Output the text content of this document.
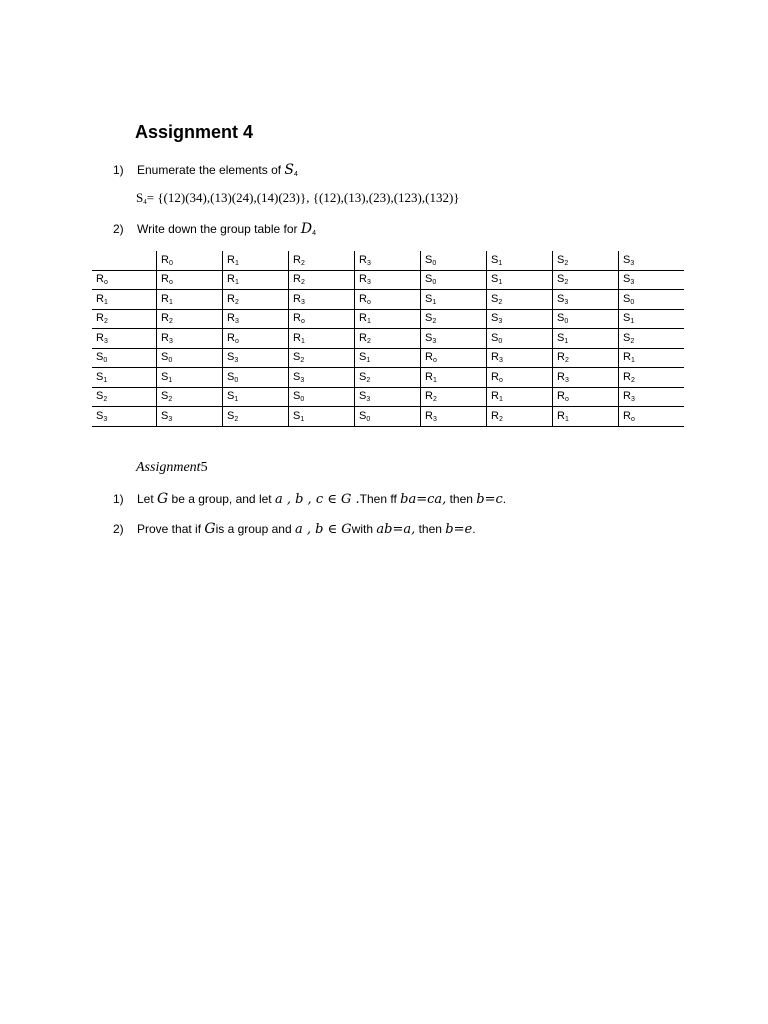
Assignment 4
1) Enumerate the elements of $S_4$
$S_4= \{(12)(34),(13)(24),(14)(23)\}$, {(12),(13),(23),(123),(132)}
2) Write down the group table for $D_4$
	$R_0$	$R_1$	$R_2$	$R_3$	$S_0$	$S_1$	$S_2$	$S_3$
$R_o$	$R_o$	$R_1$	$R_2$	$R_3$	$S_0$	$S_1$	$S_2$	$S_3$
$R_1$	$R_1$	$R_2$	$R_3$	$R_o$	$S_1$	$S_2$	$S_3$	$S_0$
$R_2$	$R_2$	$R_3$	$R_o$	$R_1$	$S_2$	$S_3$	$S_0$	$S_1$
$R_3$	$R_3$	$R_o$	$R_1$	$R_2$	$S_3$	$S_0$	$S_1$	$S_2$
$S_0$	$S_0$	$S_3$	$S_2$	$S_1$	$R_o$	$R_3$	$R_2$	$R_1$
$S_1$	$S_1$	$S_0$	$S_3$	$S_2$	$R_1$	$R_o$	$R_3$	$R_2$
$S_2$	$S_2$	$S_1$	$S_0$	$S_3$	$R_2$	$R_1$	$R_o$	$R_3$
$S_3$	$S_3$	$S_2$	$S_1$	$S_0$	$R_3$	$R_2$	$R_1$	$R_o$
Assignment5
1) Let G be a group, and let a , b , c ∈ G .Then ff ba=ca, then b=c.
2) Prove that if Gis a group and a , b ∈ Gwith ab=a, then b=e.
